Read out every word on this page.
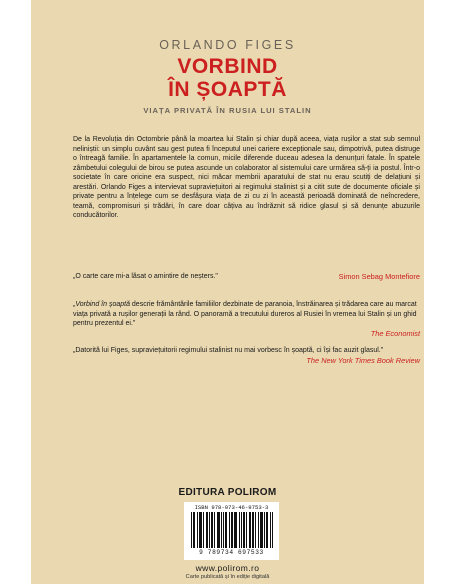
ORLANDO FIGES
VORBIND
ÎN ȘOAPTĂ
VIAȚA PRIVATĂ ÎN RUSIA LUI STALIN

De la Revoluția din Octombrie până la moartea lui Stalin și chiar după aceea, viața rușilor a stat sub semnul neliniștii: un simplu cuvânt sau gest putea fi începutul unei cariere excepționale sau, dimpotrivă, putea distruge o întreagă familie. În apartamentele la comun, micile diferende duceau adesea la denunțuri fatale. În spatele zâmbetului colegului de birou se putea ascunde un colaborator al sistemului care urmărea să-ți ia postul. Într-o societate în care oricine era suspect, nici măcar membrii aparatului de stat nu erau scutiți de delațiuni și arestări. Orlando Figes a intervievat supraviețuitori ai regimului stalinist și a citit sute de documente oficiale și private pentru a înțelege cum se desfășura viața de zi cu zi în această perioadă dominată de neîncredere, teamă, compromisuri și trădări, în care doar câțiva au îndrăznit să ridice glasul și să denunțe abuzurile conducătorilor.

„O carte care mi-a lăsat o amintire de neșters."	Simon Sebag Montefiore

„Vorbind în șoaptă descrie frământările familiilor dezbinate de paranoia, înstrăinarea și trădarea care au marcat viața privată a rușilor generații la rând. O panoramă a trecutului dureros al Rusiei în vremea lui Stalin și un ghid pentru prezentul ei."
The Economist

„Datorită lui Figes, supraviețuitorii regimului stalinist nu mai vorbesc în șoaptă, ci își fac auzit glasul."
The New York Times Book Review

EDITURA POLIROM
ISBN 978-973-46-9753-3
9 789734 697533
www.polirom.ro
Carte publicată și în ediție digitală
